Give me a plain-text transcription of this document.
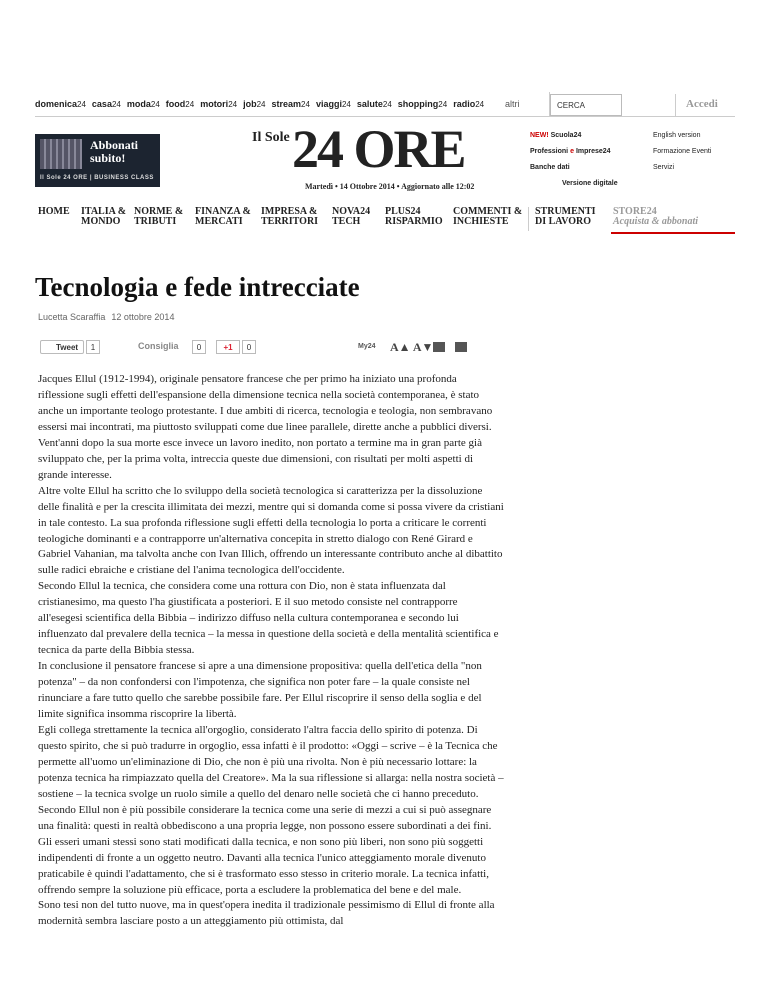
domenica24 casa24 moda24 food24 motori24 job24 stream24 viaggi24 salute24 shopping24 radio24	altri	CERCA	Accedi
Abbonati subito!
Il Sole 24 ORE | BUSINESS CLASS
Il Sole 24 ORE
Martedì • 14 Ottobre 2014 • Aggiornato alle 12:02
NEW! Scuola24	English version
Professioni e Imprese24	Formazione Eventi
Banche dati	Servizi
Versione digitale
HOME ITALIA &
MONDO
NORME &
TRIBUTI
FINANZA &
MERCATI
IMPRESA &
TERRITORI
NOVA24
TECH
PLUS24
RISPARMIO
COMMENTI &
INCHIESTE
STRUMENTI
DI LAVORO
STORE24
Acquista & abbonati
Tecnologia e fede intrecciate
Lucetta Scaraffia 12 ottobre 2014
Tweet	1	Consiglia	0	+1	0	My24 A▲ A▼

Jacques Ellul (1912-1994), originale pensatore francese che per primo ha iniziato una profonda riflessione sugli effetti dell'espansione della dimensione tecnica nella società contemporanea, è stato anche un importante teologo protestante. I due ambiti di ricerca, tecnologia e teologia, non sembravano essersi mai incontrati, ma piuttosto sviluppati come due linee parallele, dirette anche a pubblici diversi. Vent'anni dopo la sua morte esce invece un lavoro inedito, non portato a termine ma in gran parte già sviluppato che, per la prima volta, intreccia queste due dimensioni, con risultati per molti aspetti di grande interesse.

Altre volte Ellul ha scritto che lo sviluppo della società tecnologica si caratterizza per la dissoluzione delle finalità e per la crescita illimitata dei mezzi, mentre qui si domanda come si possa vivere da cristiani in tale contesto. La sua profonda riflessione sugli effetti della tecnologia lo porta a criticare le correnti teologiche dominanti e a contrapporre un'alternativa concepita in stretto dialogo con René Girard e Gabriel Vahanian, ma talvolta anche con Ivan Illich, offrendo un interessante contributo anche al dibattito sulle radici ebraiche e cristiane del l'anima tecnologica dell'occidente.

Secondo Ellul la tecnica, che considera come una rottura con Dio, non è stata influenzata dal cristianesimo, ma questo l'ha giustificata a posteriori. E il suo metodo consiste nel contrapporre all'esegesi scientifica della Bibbia – indirizzo diffuso nella cultura contemporanea e secondo lui influenzato dal prevalere della tecnica – la messa in questione della società e della mentalità scientifica e tecnica da parte della Bibbia stessa.

In conclusione il pensatore francese si apre a una dimensione propositiva: quella dell'etica della "non potenza" – da non confondersi con l'impotenza, che significa non poter fare – la quale consiste nel rinunciare a fare tutto quello che sarebbe possibile fare. Per Ellul riscoprire il senso della soglia e del limite significa insomma riscoprire la libertà.

Egli collega strettamente la tecnica all'orgoglio, considerato l'altra faccia dello spirito di potenza. Di questo spirito, che si può tradurre in orgoglio, essa infatti è il prodotto: «Oggi – scrive – è la Tecnica che permette all'uomo un'eliminazione di Dio, che non è più una rivolta. Non è più necessario lottare: la potenza tecnica ha rimpiazzato quella del Creatore». Ma la sua riflessione si allarga: nella nostra società – sostiene – la tecnica svolge un ruolo simile a quello del denaro nelle società che ci hanno preceduto.

Secondo Ellul non è più possibile considerare la tecnica come una serie di mezzi a cui si può assegnare una finalità: questi in realtà obbediscono a una propria legge, non possono essere subordinati a dei fini. Gli esseri umani stessi sono stati modificati dalla tecnica, e non sono più liberi, non sono più soggetti indipendenti di fronte a un oggetto neutro. Davanti alla tecnica l'unico atteggiamento morale divenuto praticabile è quindi l'adattamento, che si è trasformato esso stesso in criterio morale. La tecnica infatti, offrendo sempre la soluzione più efficace, porta a escludere la problematica del bene e del male.

Sono tesi non del tutto nuove, ma in quest'opera inedita il tradizionale pessimismo di Ellul di fronte alla modernità sembra lasciare posto a un atteggiamento più ottimista, dal
